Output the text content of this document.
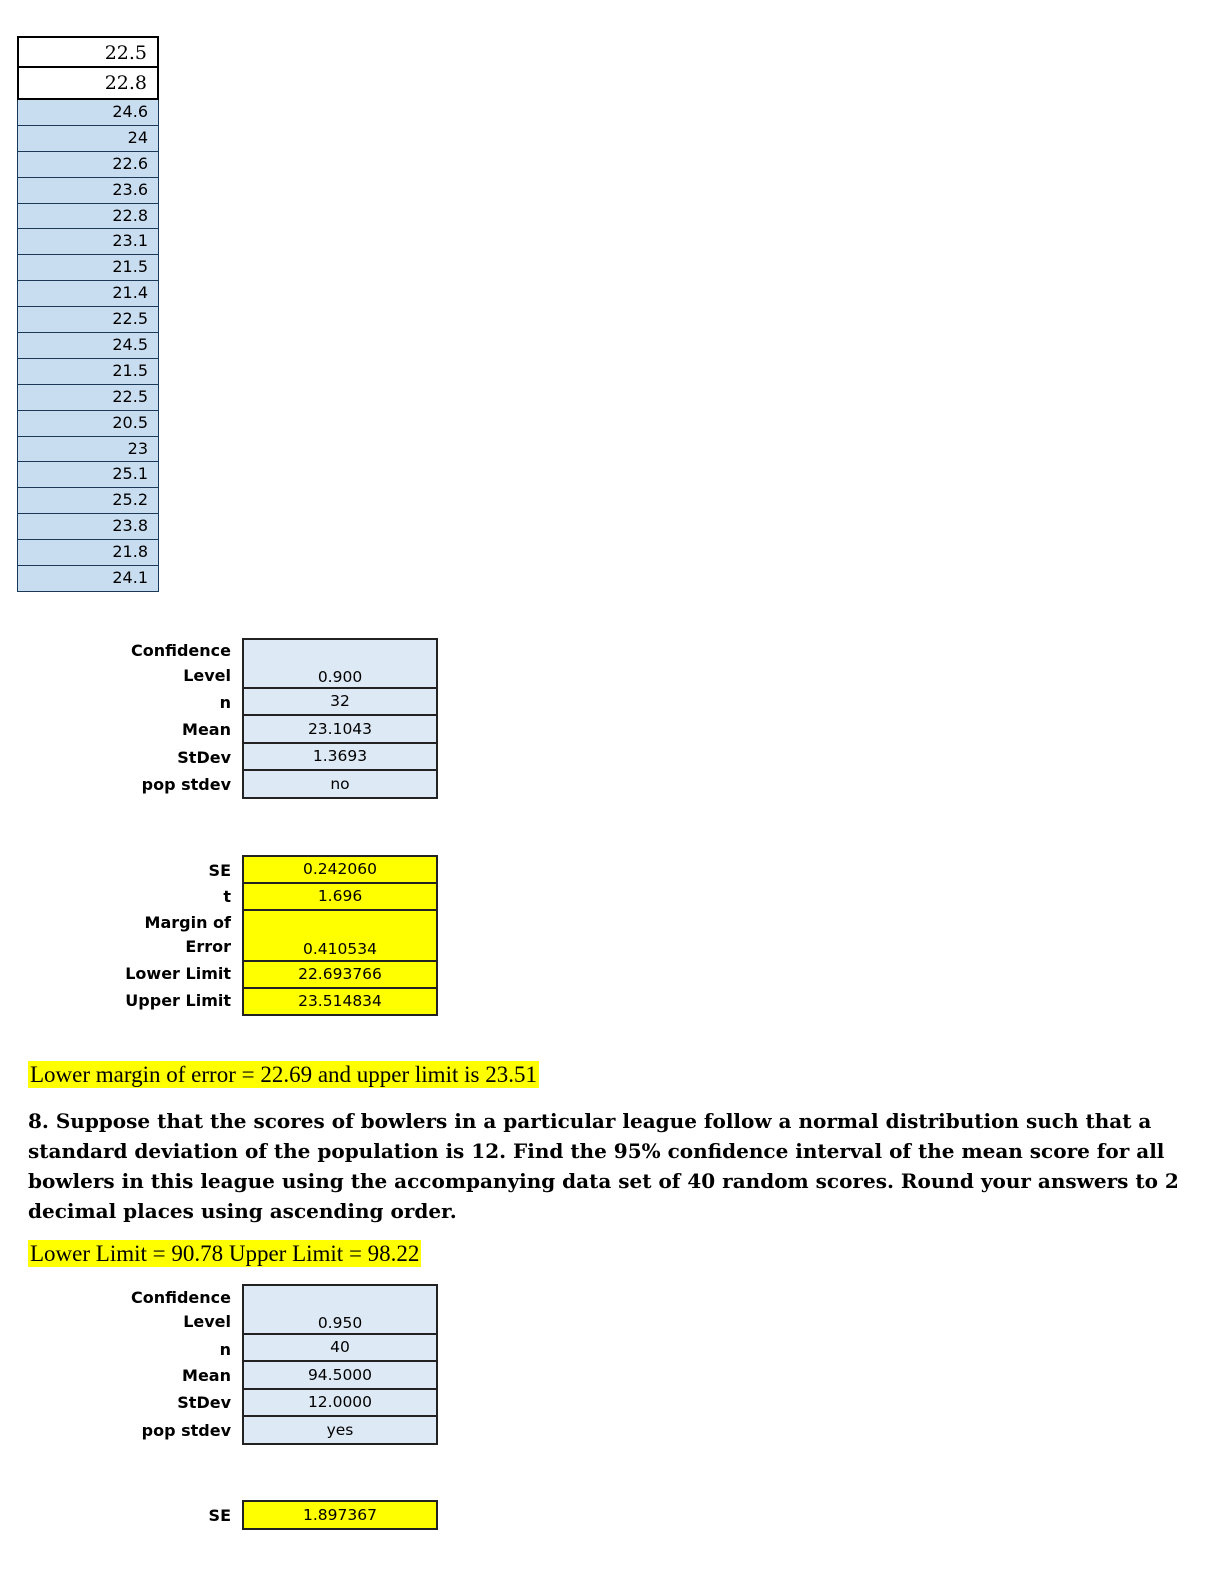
22.5
22.8
24.6
24
22.6
23.6
22.8
23.1
21.5
21.4
22.5
24.5
21.5
22.5
20.5
23
25.1
25.2
23.8
21.8
24.1
Confidence
Level
n
Mean
StDev
pop stdev
0.900
32
23.1043
1.3693
no
SE
t
Margin of
Error
Lower Limit
Upper Limit
0.242060
1.696
0.410534
22.693766
23.514834
Lower margin of error = 22.69 and upper limit is 23.51
8. Suppose that the scores of bowlers in a particular league follow a normal distribution such that a standard deviation of the population is 12. Find the 95% confidence interval of the mean score for all bowlers in this league using the accompanying data set of 40 random scores. Round your answers to 2 decimal places using ascending order.
Lower Limit = 90.78 Upper Limit = 98.22
Confidence
Level
n
Mean
StDev
pop stdev
0.950
40
94.5000
12.0000
yes
SE	1.897367
